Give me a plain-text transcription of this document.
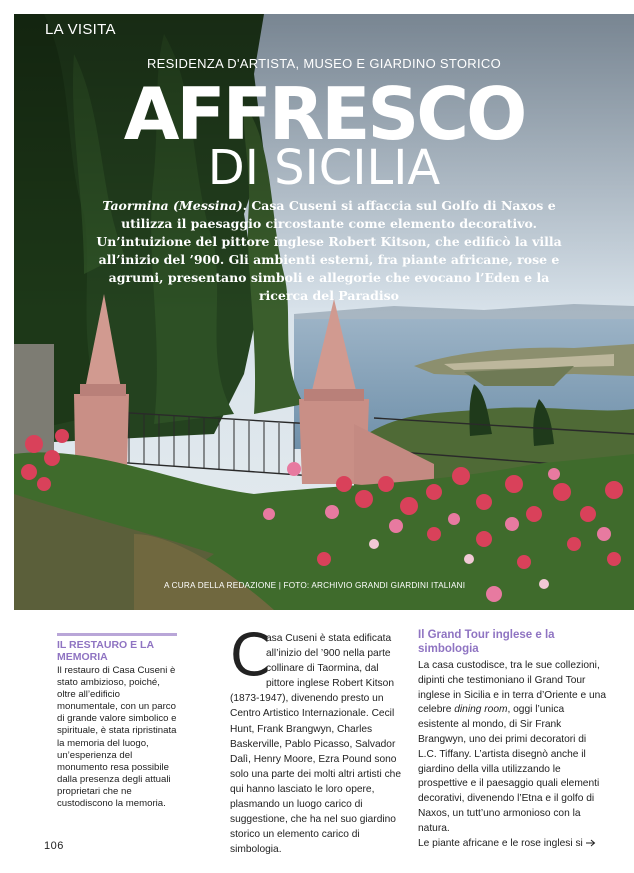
LA VISITA
RESIDENZA D'ARTISTA, MUSEO E GIARDINO STORICO
AFFRESCO
DI SICILIA
Taormina (Messina). Casa Cuseni si affaccia sul Golfo di Naxos e utilizza il paesaggio circostante come elemento decorativo. Un’intuizione del pittore inglese Robert Kitson, che edificò la villa all’inizio del ’900. Gli ambienti esterni, fra piante africane, rose e agrumi, presentano simboli e allegorie che evocano l’Eden e la ricerca del Paradiso
A CURA DELLA REDAZIONE | FOTO: ARCHIVIO GRANDI GIARDINI ITALIANI
IL RESTAURO E LA MEMORIA
Il restauro di Casa Cuseni è stato ambizioso, poiché, oltre all’edificio monumentale, con un parco di grande valore simbolico e spirituale, è stata ripristinata la memoria del luogo, un’esperienza del monumento resa possibile dalla presenza degli attuali proprietari che ne custodiscono la memoria.
C
asa Cuseni è stata edificata all’inizio del ’900 nella parte collinare di Taormina, dal pittore inglese Robert Kitson (1873-1947), divenendo presto un Centro Artistico Internazionale. Cecil Hunt, Frank Brangwyn, Charles Baskerville, Pablo Picasso, Salvador Dalì, Henry Moore, Ezra Pound sono solo una parte dei molti altri artisti che qui hanno lasciato le loro opere, plasmando un luogo carico di suggestione, che ha nel suo giardino storico un elemento carico di simbologia.
Il Grand Tour inglese e la simbologia
La casa custodisce, tra le sue collezioni, dipinti che testimoniano il Grand Tour inglese in Sicilia e in terra d’Oriente e una celebre dining room, oggi l’unica esistente al mondo, di Sir Frank Brangwyn, uno dei primi decoratori di L.C. Tiffany. L’artista disegnò anche il giardino della villa utilizzando le prospettive e il paesaggio quali elementi decorativi, divenendo l’Etna e il golfo di Naxos, un tutt’uno armonioso con la natura.
Le piante africane e le rose inglesi si
106
